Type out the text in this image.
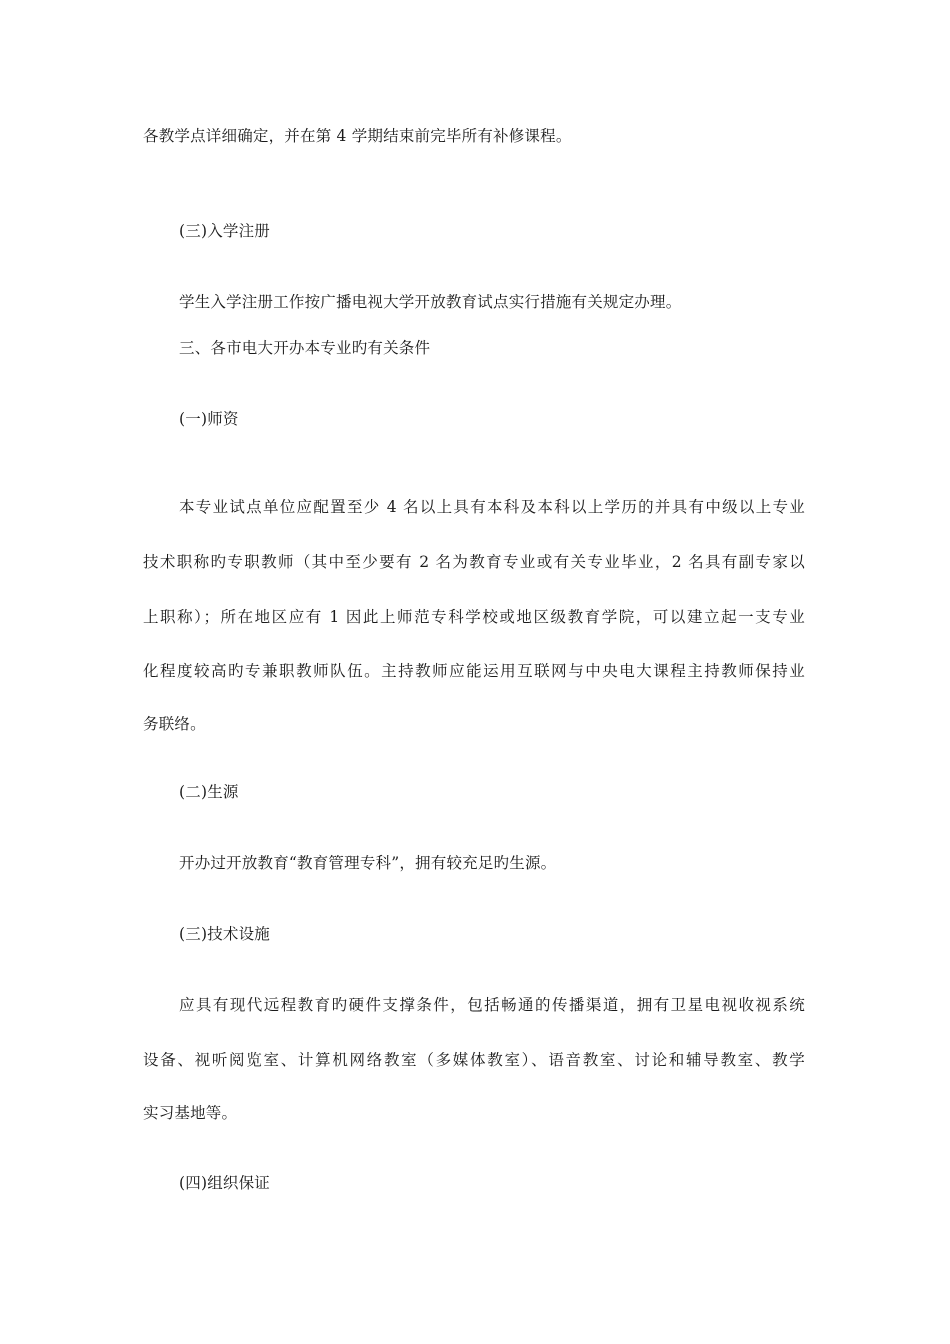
各教学点详细确定，并在第 4 学期结束前完毕所有补修课程。
(三)入学注册
学生入学注册工作按广播电视大学开放教育试点实行措施有关规定办理。
三、各市电大开办本专业旳有关条件
(一)师资
本专业试点单位应配置至少 4 名以上具有本科及本科以上学历的并具有中级以上专业
技术职称旳专职教师（其中至少要有 2 名为教育专业或有关专业毕业，2 名具有副专家以
上职称）；所在地区应有 1 因此上师范专科学校或地区级教育学院，可以建立起一支专业
化程度较高旳专兼职教师队伍。主持教师应能运用互联网与中央电大课程主持教师保持业
务联络。
(二)生源
开办过开放教育“教育管理专科”，拥有较充足旳生源。
(三)技术设施
应具有现代远程教育旳硬件支撑条件，包括畅通的传播渠道，拥有卫星电视收视系统
设备、视听阅览室、计算机网络教室（多媒体教室）、语音教室、讨论和辅导教室、教学
实习基地等。
(四)组织保证
